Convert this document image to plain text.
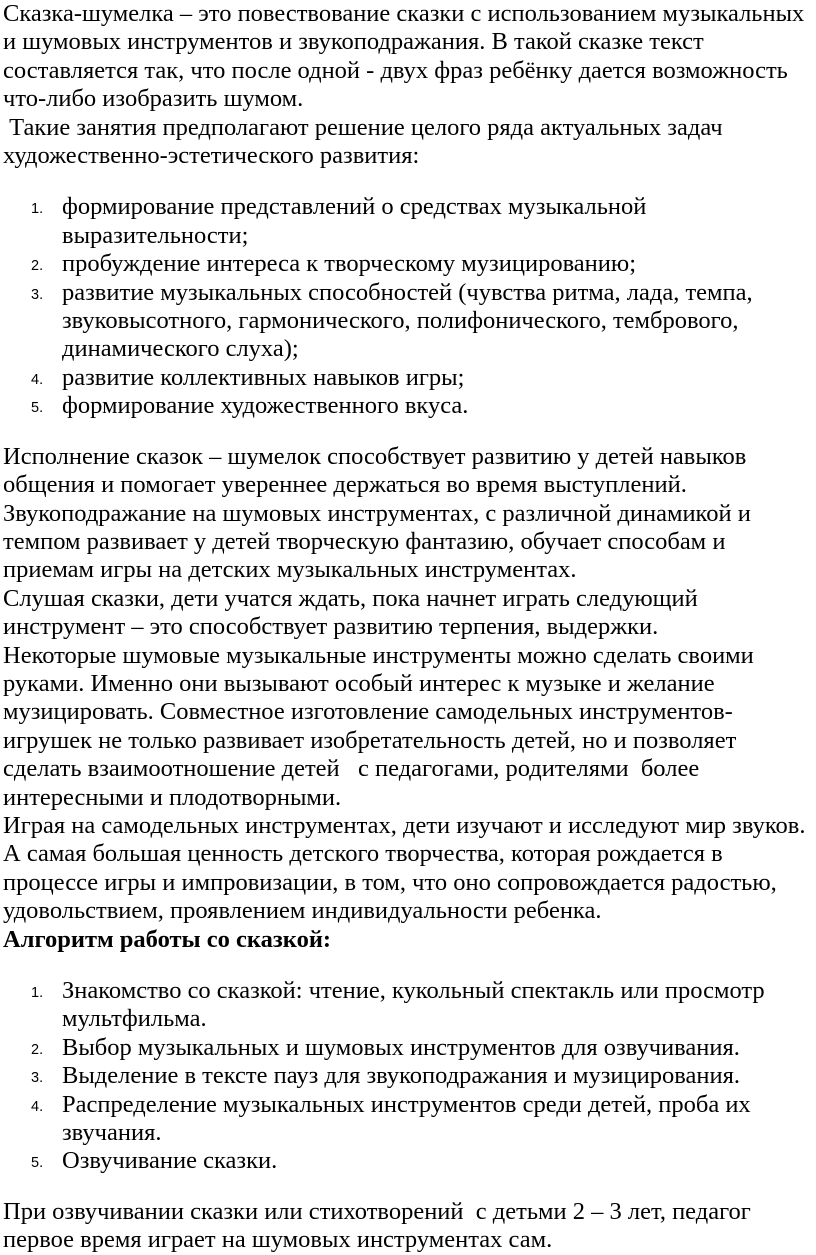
Сказка-шумелка – это повествование сказки с использованием музыкальных и шумовых инструментов и звукоподражания. В такой сказке текст составляется так, что после одной - двух фраз ребёнку дается возможность что-либо изобразить шумом.

Такие занятия предполагают решение целого ряда актуальных задач художественно-эстетического развития:

1. формирование представлений о средствах музыкальной выразительности;
2. пробуждение интереса к творческому музицированию;
3. развитие музыкальных способностей (чувства ритма, лада, темпа, звуковысотного, гармонического, полифонического, тембрового, динамического слуха);
4. развитие коллективных навыков игры;
5. формирование художественного вкуса.

Исполнение сказок – шумелок способствует развитию у детей навыков общения и помогает увереннее держаться во время выступлений.

Звукоподражание на шумовых инструментах, с различной динамикой и темпом развивает у детей творческую фантазию, обучает способам и приемам игры на детских музыкальных инструментах.

Слушая сказки, дети учатся ждать, пока начнет играть следующий инструмент – это способствует развитию терпения, выдержки.

Некоторые шумовые музыкальные инструменты можно сделать своими руками. Именно они вызывают особый интерес к музыке и желание музицировать. Совместное изготовление самодельных инструментов-игрушек не только развивает изобретательность детей, но и позволяет сделать взаимоотношение детей   с педагогами, родителями  более интересными и плодотворными.

Играя на самодельных инструментах, дети изучают и исследуют мир звуков. А самая большая ценность детского творчества, которая рождается в процессе игры и импровизации, в том, что оно сопровождается радостью, удовольствием, проявлением индивидуальности ребенка.

Алгоритм работы со сказкой:

1. Знакомство со сказкой: чтение, кукольный спектакль или просмотр мультфильма.
2. Выбор музыкальных и шумовых инструментов для озвучивания.
3. Выделение в тексте пауз для звукоподражания и музицирования.
4. Распределение музыкальных инструментов среди детей, проба их звучания.
5. Озвучивание сказки.

При озвучивании сказки или стихотворений  с детьми 2 – 3 лет, педагог первое время играет на шумовых инструментах сам.
